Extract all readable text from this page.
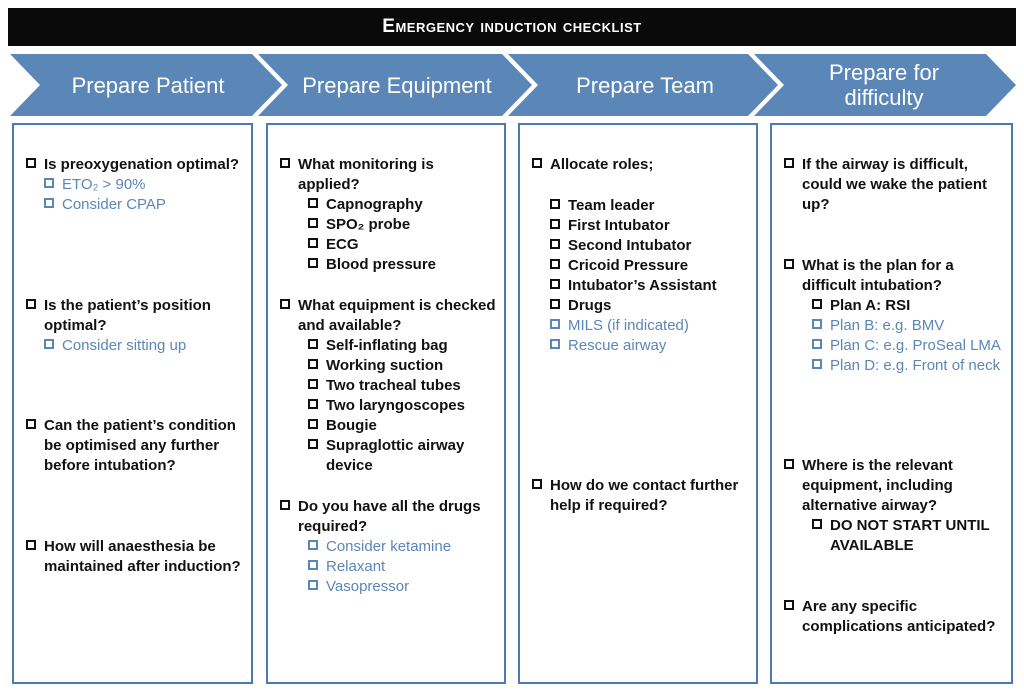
Emergency induction checklist
Prepare Patient	Prepare Equipment	Prepare Team	Prepare for difficulty
Is preoxygenation optimal?
ETO₂ > 90%
Consider CPAP
Is the patient’s position optimal?
Consider sitting up
Can the patient’s condition be optimised any further before intubation?
How will anaesthesia be maintained after induction?
What monitoring is applied?
Capnography
SPO₂ probe
ECG
Blood pressure
What equipment is checked and available?
Self-inflating bag
Working suction
Two tracheal tubes
Two laryngoscopes
Bougie
Supraglottic airway device
Do you have all the drugs required?
Consider ketamine
Relaxant
Vasopressor
Allocate roles;
Team leader
First Intubator
Second Intubator
Cricoid Pressure
Intubator’s Assistant
Drugs
MILS (if indicated)
Rescue airway
How do we contact further help if required?
If the airway is difficult, could we wake the patient up?
What is the plan for a difficult intubation?
Plan A: RSI
Plan B: e.g. BMV
Plan C: e.g. ProSeal LMA
Plan D: e.g. Front of neck
Where is the relevant equipment, including alternative airway?
DO NOT START UNTIL AVAILABLE
Are any specific complications anticipated?
